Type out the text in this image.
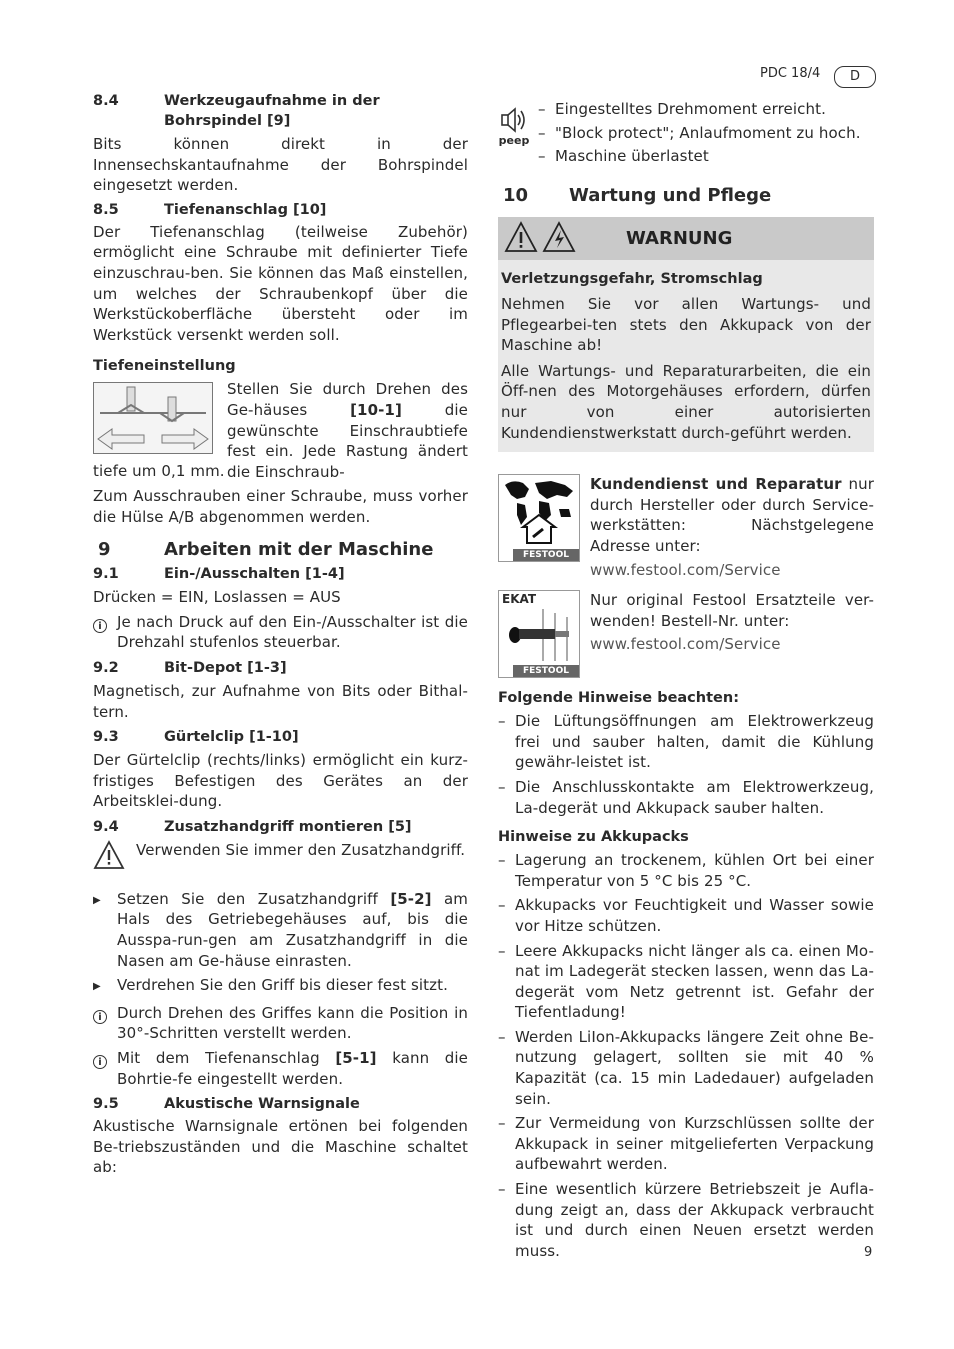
PDC 18/4	D
8.4	Werkzeugaufnahme in der Bohrspindel [9]
Bits können direkt in der Innensechskantaufnahme der Bohrspindel eingesetzt werden.
8.5	Tiefenanschlag [10]
Der Tiefenanschlag (teilweise Zubehör) ermöglicht eine Schraube mit definierter Tiefe einzuschrau-ben. Sie können das Maß einstellen, um welches der Schraubenkopf über die Werkstückoberfläche übersteht oder im Werkstück versenkt werden soll.
Tiefeneinstellung
Stellen Sie durch Drehen des Ge-häuses [10-1] die gewünschte Einschraubtiefe fest ein. Jede Rastung ändert die Einschraub-
tiefe um 0,1 mm.
Zum Ausschrauben einer Schraube, muss vorher die Hülse A/B abgenommen werden.
9	Arbeiten mit der Maschine
9.1	Ein-/Ausschalten [1-4]
Drücken = EIN, Loslassen = AUS
i	Je nach Druck auf den Ein-/Ausschalter ist die Drehzahl stufenlos steuerbar.
9.2	Bit-Depot [1-3]
Magnetisch, zur Aufnahme von Bits oder Bithal-tern.
9.3	Gürtelclip [1-10]
Der Gürtelclip (rechts/links) ermöglicht ein kurz-fristiges Befestigen des Gerätes an der Arbeitsklei-dung.
9.4	Zusatzhandgriff montieren [5]
Verwenden Sie immer den Zusatzhandgriff.
▶	Setzen Sie den Zusatzhandgriff [5-2] am Hals des Getriebegehäuses auf, bis die Ausspa-run-gen am Zusatzhandgriff in die Nasen am Ge-häuse einrasten.
▶	Verdrehen Sie den Griff bis dieser fest sitzt.
i	Durch Drehen des Griffes kann die Position in 30°-Schritten verstellt werden.
i	Mit dem Tiefenanschlag [5-1] kann die Bohrtie-fe eingestellt werden.
9.5	Akustische Warnsignale
Akustische Warnsignale ertönen bei folgenden Be-triebszuständen und die Maschine schaltet ab:
peep
– Eingestelltes Drehmoment erreicht.
– "Block protect"; Anlaufmoment zu hoch.
– Maschine überlastet
10 Wartung und Pflege
WARNUNG
Verletzungsgefahr, Stromschlag
Nehmen Sie vor allen Wartungs- und Pflegearbei-ten stets den Akkupack von der Maschine ab!
Alle Wartungs- und Reparaturarbeiten, die ein Öff-nen des Motorgehäuses erfordern, dürfen nur von einer autorisierten Kundendienstwerkstatt durch-geführt werden.
FESTOOL
Kundendienst und Reparatur nur durch Hersteller oder durch Service-werkstätten: Nächstgelegene Adresse unter:
www.festool.com/Service
EKAT
FESTOOL
Nur original Festool Ersatzteile ver-wenden! Bestell-Nr. unter:
www.festool.com/Service
Folgende Hinweise beachten:
– Die Lüftungsöffnungen am Elektrowerkzeug frei und sauber halten, damit die Kühlung gewähr-leistet ist.
– Die Anschlusskontakte am Elektrowerkzeug, La-degerät und Akkupack sauber halten.
Hinweise zu Akkupacks
– Lagerung an trockenem, kühlen Ort bei einer Temperatur von 5 °C bis 25 °C.
– Akkupacks vor Feuchtigkeit und Wasser sowie vor Hitze schützen.
– Leere Akkupacks nicht länger als ca. einen Mo-nat im Ladegerät stecken lassen, wenn das La-degerät vom Netz getrennt ist. Gefahr der Tiefentladung!
– Werden LiIon-Akkupacks längere Zeit ohne Be-nutzung gelagert, sollten sie mit 40 % Kapazität (ca. 15 min Ladedauer) aufgeladen sein.
– Zur Vermeidung von Kurzschlüssen sollte der Akkupack in seiner mitgelieferten Verpackung aufbewahrt werden.
– Eine wesentlich kürzere Betriebszeit je Aufla-dung zeigt an, dass der Akkupack verbraucht ist und durch einen Neuen ersetzt werden muss.	9
